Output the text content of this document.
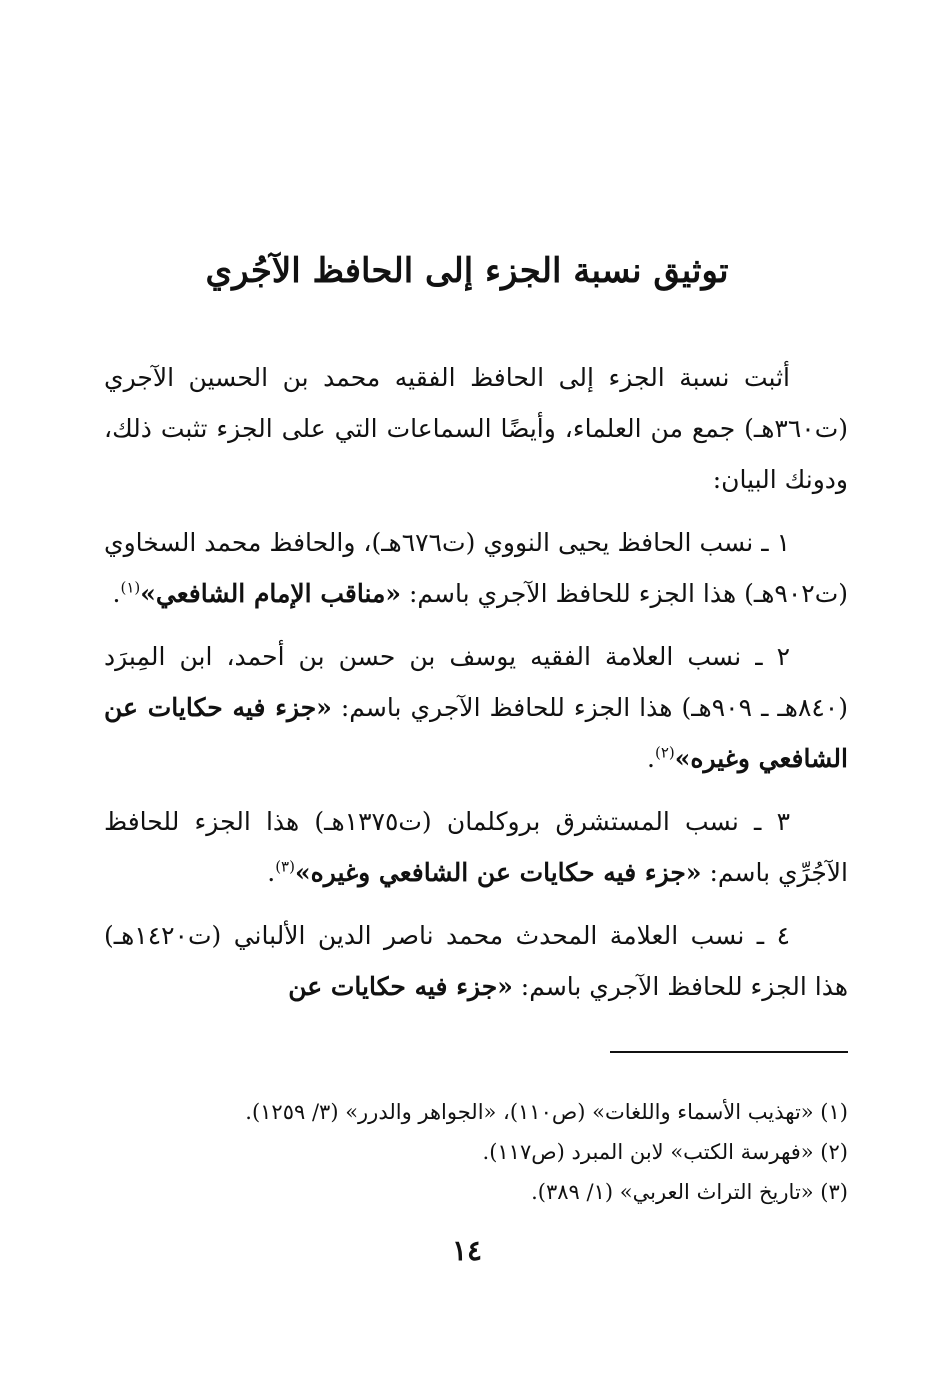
توثيق نسبة الجزء إلى الحافظ الآجُري

أثبت نسبة الجزء إلى الحافظ الفقيه محمد بن الحسين الآجري (ت٣٦٠هـ) جمع من العلماء، وأيضًا السماعات التي على الجزء تثبت ذلك، ودونك البيان:

١ ـ نسب الحافظ يحيى النووي (ت٦٧٦هـ)، والحافظ محمد السخاوي (ت٩٠٢هـ) هذا الجزء للحافظ الآجري باسم: «مناقب الإمام الشافعي»$^{(١)}$.

٢ ـ نسب العلامة الفقيه يوسف بن حسن بن أحمد، ابن المِبرَد (٨٤٠هـ ـ ٩٠٩هـ) هذا الجزء للحافظ الآجري باسم: «جزء فيه حكايات عن الشافعي وغيره»$^{(٢)}$.

٣ ـ نسب المستشرق بروكلمان (ت١٣٧٥هـ) هذا الجزء للحافظ الآجُرِّي باسم: «جزء فيه حكايات عن الشافعي وغيره»$^{(٣)}$.

٤ ـ نسب العلامة المحدث محمد ناصر الدين الألباني (ت١٤٢٠هـ) هذا الجزء للحافظ الآجري باسم: «جزء فيه حكايات عن

(١) «تهذيب الأسماء واللغات» (ص١١٠)، «الجواهر والدرر» (٣/ ١٢٥٩).

(٢) «فهرسة الكتب» لابن المبرد (ص١١٧).

(٣) «تاريخ التراث العربي» (١/ ٣٨٩).

١٤
